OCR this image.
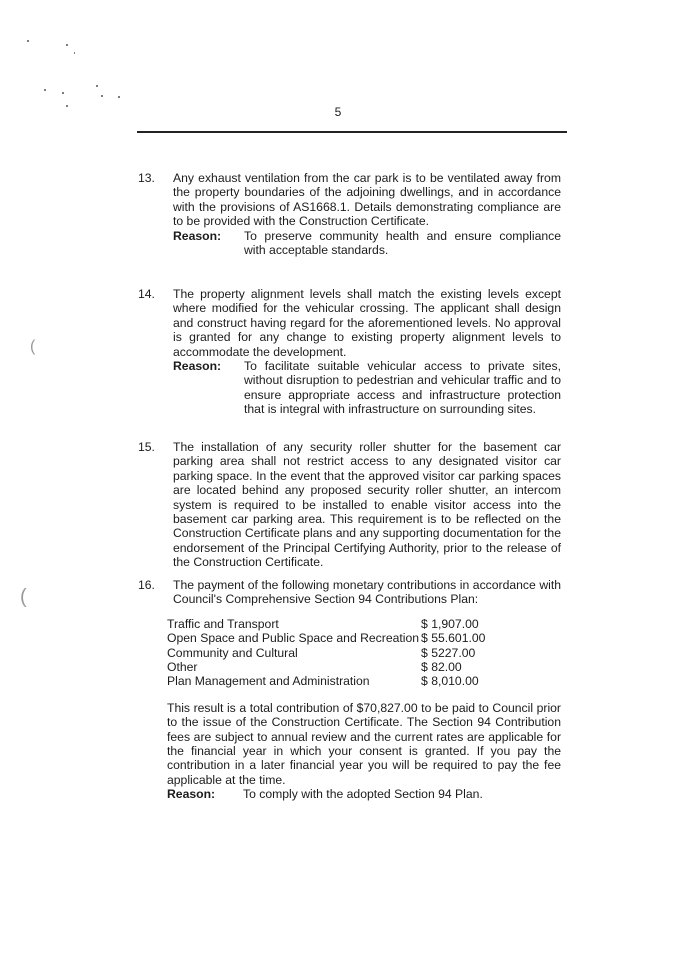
(
(
5
13. Any exhaust ventilation from the car park is to be ventilated away from the property boundaries of the adjoining dwellings, and in accordance with the provisions of AS1668.1. Details demonstrating compliance are to be provided with the Construction Certificate.

Reason:	To preserve community health and ensure compliance with acceptable standards.
14. The property alignment levels shall match the existing levels except where modified for the vehicular crossing. The applicant shall design and construct having regard for the aforementioned levels. No approval is granted for any change to existing property alignment levels to accommodate the development.

Reason:	To facilitate suitable vehicular access to private sites, without disruption to pedestrian and vehicular traffic and to ensure appropriate access and infrastructure protection that is integral with infrastructure on surrounding sites.
15. The installation of any security roller shutter for the basement car parking area shall not restrict access to any designated visitor car parking space. In the event that the approved visitor car parking spaces are located behind any proposed security roller shutter, an intercom system is required to be installed to enable visitor access into the basement car parking area. This requirement is to be reflected on the Construction Certificate plans and any supporting documentation for the endorsement of the Principal Certifying Authority, prior to the release of the Construction Certificate.

16. The payment of the following monetary contributions in accordance with Council's Comprehensive Section 94 Contributions Plan:

Traffic and Transport	$ 1,907.00
Open Space and Public Space and Recreation	$ 55.601.00
Community and Cultural	$ 5227.00
Other	$ 82.00
Plan Management and Administration	$ 8,010.00

This result is a total contribution of $70,827.00 to be paid to Council prior to the issue of the Construction Certificate. The Section 94 Contribution fees are subject to annual review and the current rates are applicable for the financial year in which your consent is granted. If you pay the contribution in a later financial year you will be required to pay the fee applicable at the time.

Reason:	To comply with the adopted Section 94 Plan.
